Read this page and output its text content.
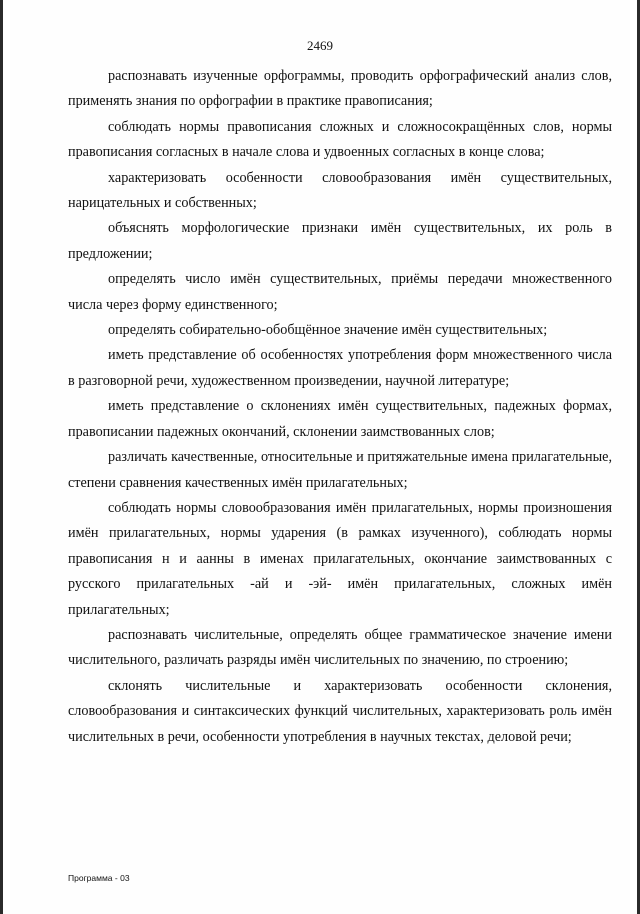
2469

распознавать изученные орфограммы, проводить орфографический анализ слов, применять знания по орфографии в практике правописания;

соблюдать нормы правописания сложных и сложносокращённых слов, нормы правописания согласных в начале слова и удвоенных согласных в конце слова;

характеризовать особенности словообразования имён существительных, нарицательных и собственных;

объяснять морфологические признаки имён существительных, их роль в предложении;

определять число имён существительных, приёмы передачи множественного числа через форму единственного;

определять собирательно-обобщённое значение имён существительных;

иметь представление об особенностях употребления форм множественного числа в разговорной речи, художественном произведении, научной литературе;

иметь представление о склонениях имён существительных, падежных формах, правописании падежных окончаний, склонении заимствованных слов;

различать качественные, относительные и притяжательные имена прилагательные, степени сравнения качественных имён прилагательных;

соблюдать нормы словообразования имён прилагательных, нормы произношения имён прилагательных, нормы ударения (в рамках изученного), соблюдать нормы правописания н и аанны в именах прилагательных, окончание заимствованных с русского прилагательных -ай и -эй- имён прилагательных, сложных имён прилагательных;

распознавать числительные, определять общее грамматическое значение имени числительного, различать разряды имён числительных по значению, по строению;

склонять числительные и характеризовать особенности склонения, словообразования и синтаксических функций числительных, характеризовать роль имён числительных в речи, особенности употребления в научных текстах, деловой речи;

Программа - 03
